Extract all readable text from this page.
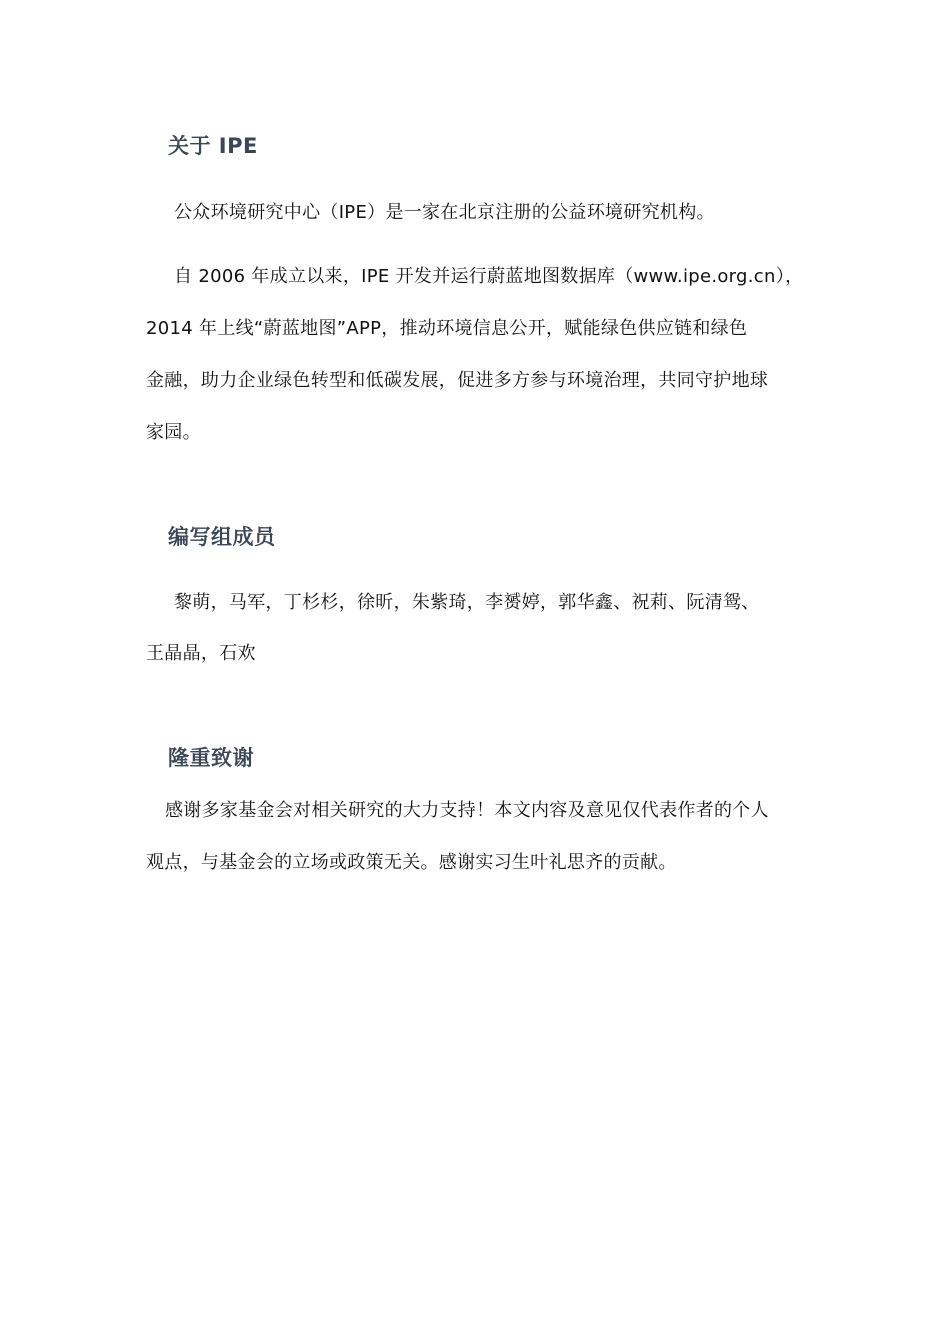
关于 IPE
公众环境研究中心（IPE）是一家在北京注册的公益环境研究机构。
自 2006 年成立以来，IPE 开发并运行蔚蓝地图数据库（www.ipe.org.cn），
2014 年上线“蔚蓝地图”APP，推动环境信息公开，赋能绿色供应链和绿色
金融，助力企业绿色转型和低碳发展，促进多方参与环境治理，共同守护地球
家园。
编写组成员
黎萌，马军，丁杉杉，徐昕，朱紫琦，李赟婷，郭华鑫、祝莉、阮清鸳、
王晶晶，石欢
隆重致谢
感谢多家基金会对相关研究的大力支持！本文内容及意见仅代表作者的个人
观点，与基金会的立场或政策无关。感谢实习生叶礼思齐的贡献。
